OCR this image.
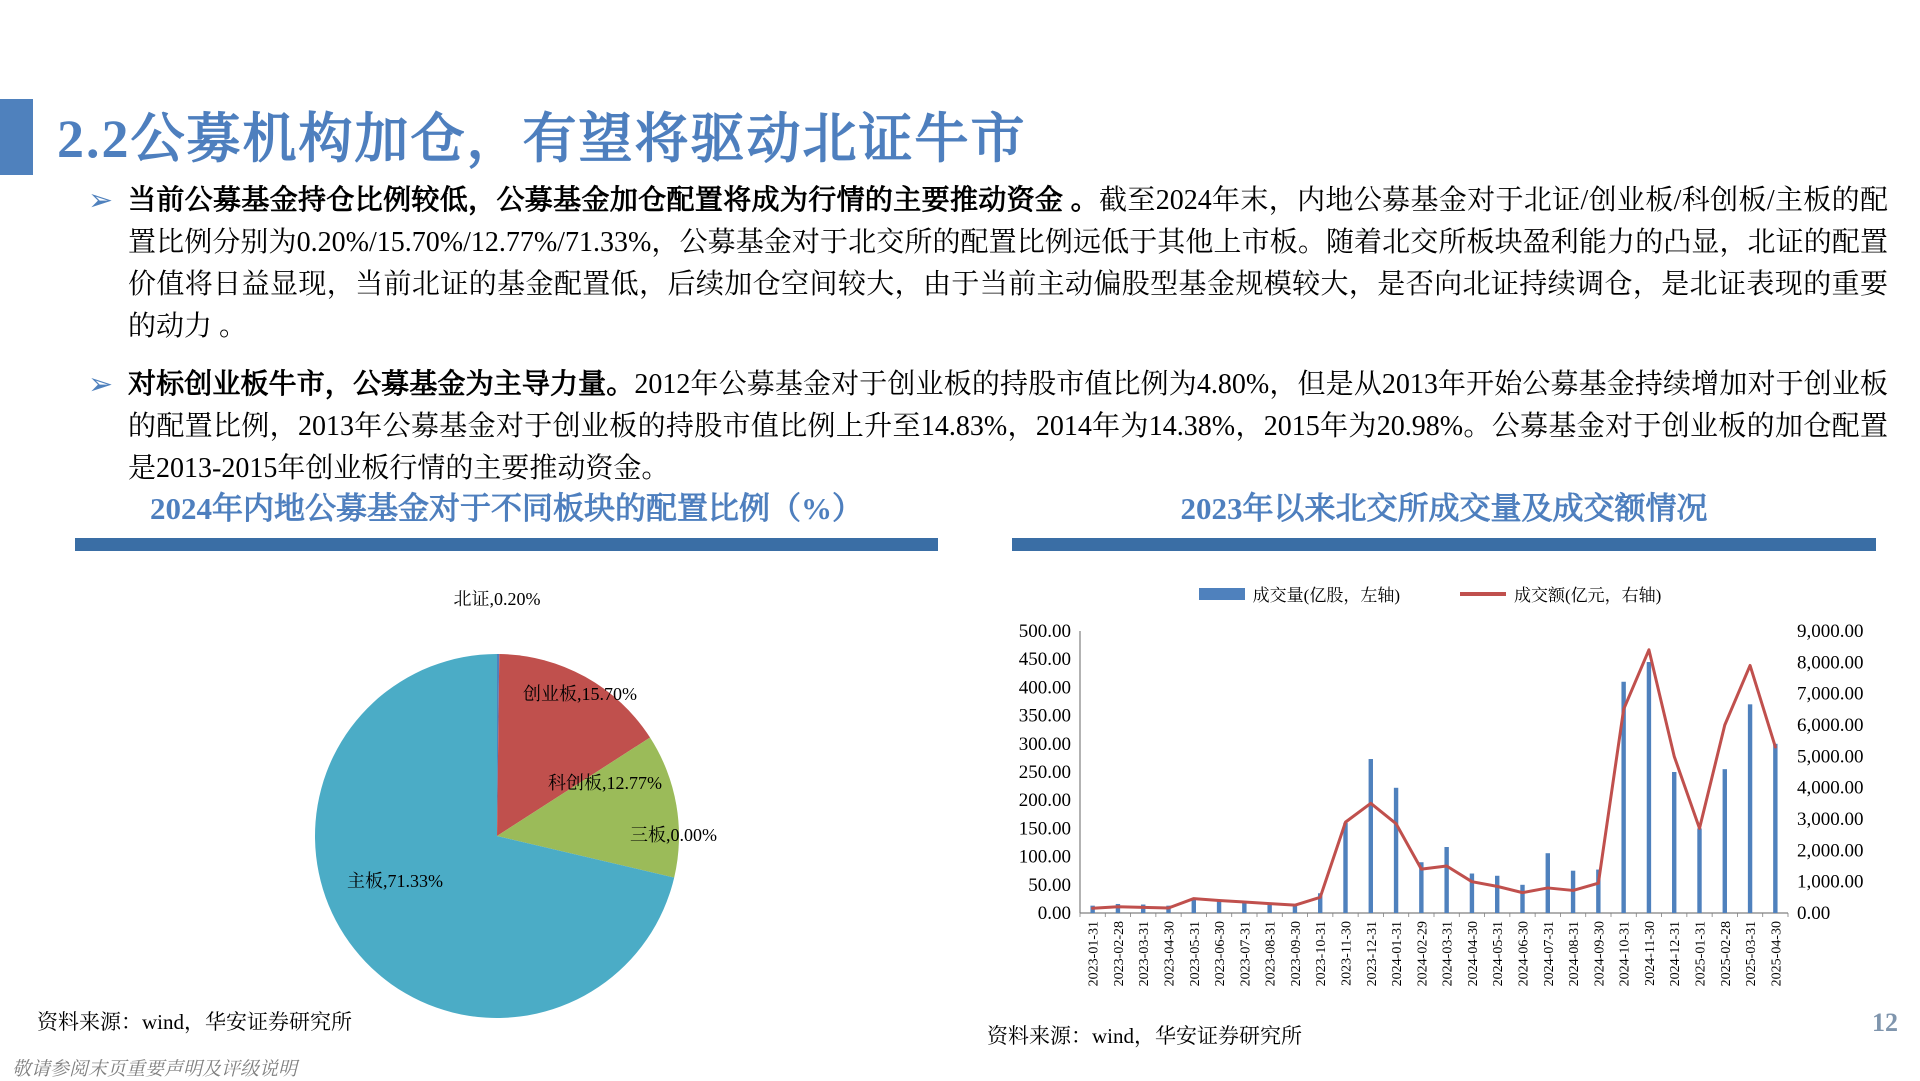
2.2公募机构加仓，有望将驱动北证牛市
➢ 当前公募基金持仓比例较低，公募基金加仓配置将成为行情的主要推动资金 。截至2024年末，内地公募基金对于北证/创业板/科创板/主板的配置比例分别为0.20%/15.70%/12.77%/71.33%，公募基金对于北交所的配置比例远低于其他上市板。随着北交所板块盈利能力的凸显，北证的配置价值将日益显现，当前北证的基金配置低，后续加仓空间较大，由于当前主动偏股型基金规模较大，是否向北证持续调仓，是北证表现的重要的动力 。
➢ 对标创业板牛市，公募基金为主导力量。2012年公募基金对于创业板的持股市值比例为4.80%，但是从2013年开始公募基金持续增加对于创业板的配置比例，2013年公募基金对于创业板的持股市值比例上升至14.83%，2014年为14.38%，2015年为20.98%。公募基金对于创业板的加仓配置是2013-2015年创业板行情的主要推动资金。
2024年内地公募基金对于不同板块的配置比例（%）	2023年以来北交所成交量及成交额情况
北证,0.20%
创业板,15.70%
科创板,12.77%
三板,0.00%
主板,71.33%
成交量(亿股，左轴)	成交额(亿元，右轴)
0.00
50.00
100.00
150.00
200.00
250.00
300.00
350.00
400.00
450.00
500.00
0.00
1,000.00
2,000.00
3,000.00
4,000.00
5,000.00
6,000.00
7,000.00
8,000.00
9,000.00
2023-01-31 2023-02-28 2023-03-31 2023-04-30 2023-05-31 2023-06-30 2023-07-31 2023-08-31 2023-09-30 2023-10-31 2023-11-30 2023-12-31 2024-01-31 2024-02-29 2024-03-31 2024-04-30 2024-05-31 2024-06-30 2024-07-31 2024-08-31 2024-09-30 2024-10-31 2024-11-30 2024-12-31 2025-01-31 2025-02-28 2025-03-31 2025-04-30
资料来源：wind，华安证券研究所
资料来源：wind，华安证券研究所
敬请参阅末页重要声明及评级说明
12
